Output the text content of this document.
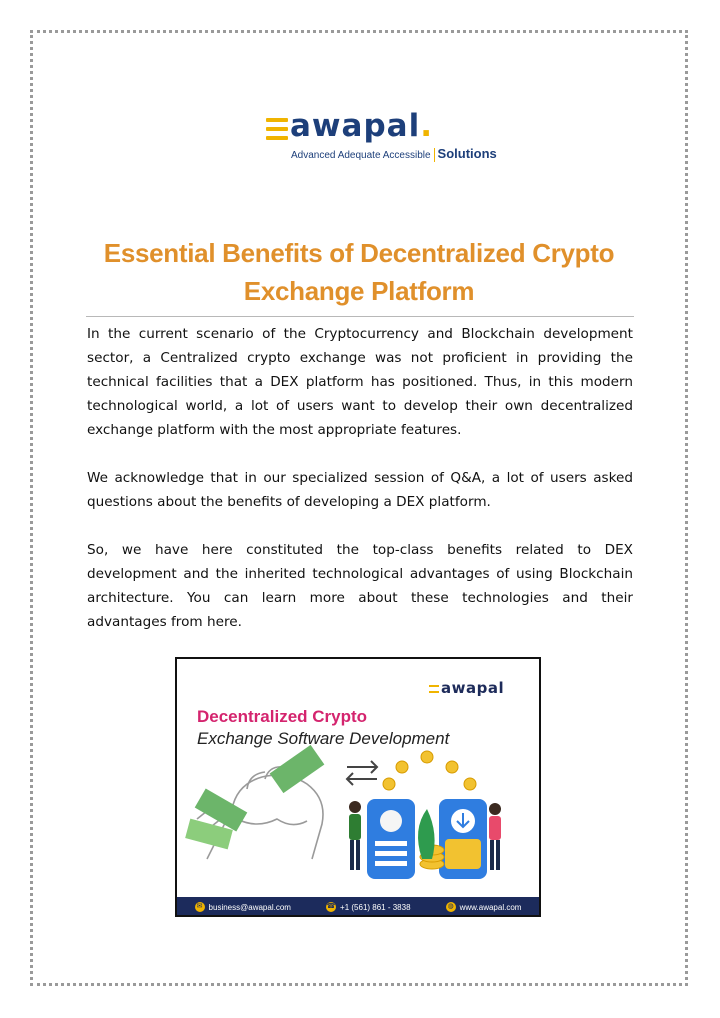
awapal.
Advanced Adequate Accessible Solutions
Essential Benefits of Decentralized Crypto
Exchange Platform

In the current scenario of the Cryptocurrency and Blockchain development sector, a Centralized crypto exchange was not proficient in providing the technical facilities that a DEX platform has positioned. Thus, in this modern technological world, a lot of users want to develop their own decentralized exchange platform with the most appropriate features.

We acknowledge that in our specialized session of Q&A, a lot of users asked questions about the benefits of developing a DEX platform.

So, we have here constituted the top-class benefits related to DEX development and the inherited technological advantages of using Blockchain architecture. You can learn more about these technologies and their advantages from here.

awapal
Decentralized Crypto
Exchange Software Development
✉ business@awapal.com	☎ +1 (561) 861 - 3838	◍ www.awapal.com
